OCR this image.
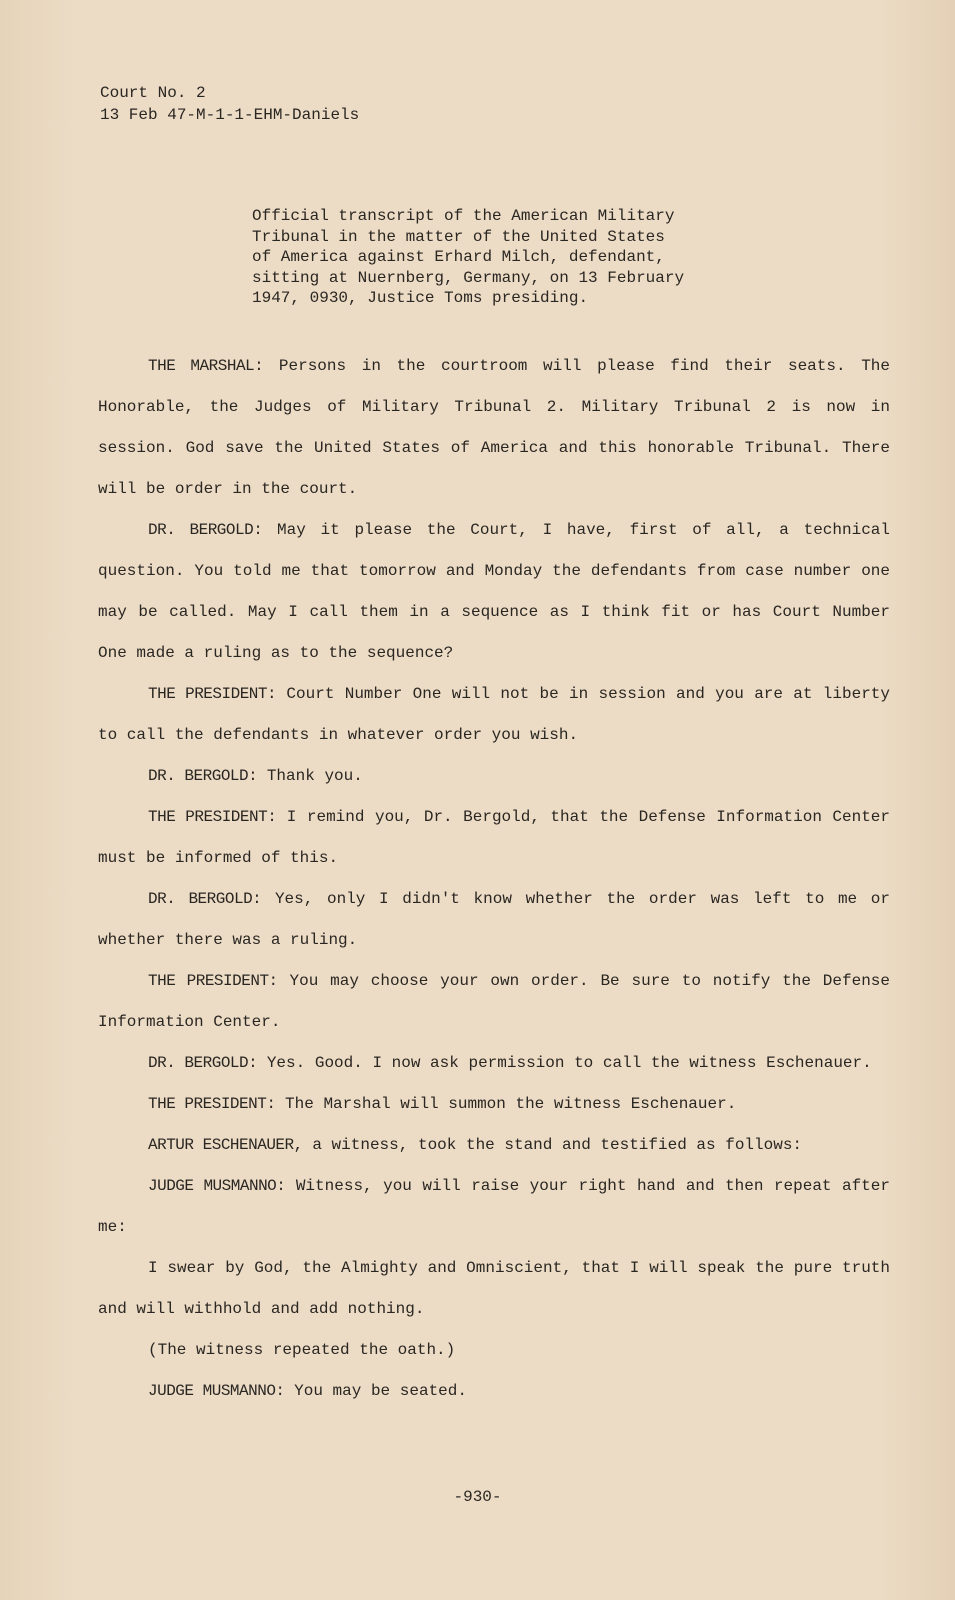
Court No. 2
13 Feb 47-M-1-1-EHM-Daniels
Official transcript of the American Military
Tribunal in the matter of the United States
of America against Erhard Milch, defendant,
sitting at Nuernberg, Germany, on 13 February
1947, 0930, Justice Toms presiding.

THE MARSHAL: Persons in the courtroom will please find their seats. The Honorable, the Judges of Military Tribunal 2. Military Tribunal 2 is now in session. God save the United States of America and this honorable Tribunal. There will be order in the court.

DR. BERGOLD: May it please the Court, I have, first of all, a technical question. You told me that tomorrow and Monday the defendants from case number one may be called. May I call them in a sequence as I think fit or has Court Number One made a ruling as to the sequence?

THE PRESIDENT: Court Number One will not be in session and you are at liberty to call the defendants in whatever order you wish.

DR. BERGOLD: Thank you.

THE PRESIDENT: I remind you, Dr. Bergold, that the Defense Information Center must be informed of this.

DR. BERGOLD: Yes, only I didn't know whether the order was left to me or whether there was a ruling.

THE PRESIDENT: You may choose your own order. Be sure to notify the Defense Information Center.

DR. BERGOLD: Yes. Good. I now ask permission to call the witness Eschenauer.

THE PRESIDENT: The Marshal will summon the witness Eschenauer.

ARTUR ESCHENAUER, a witness, took the stand and testified as follows:

JUDGE MUSMANNO: Witness, you will raise your right hand and then repeat after me:

I swear by God, the Almighty and Omniscient, that I will speak the pure truth and will withhold and add nothing.

(The witness repeated the oath.)

JUDGE MUSMANNO: You may be seated.

-930-
